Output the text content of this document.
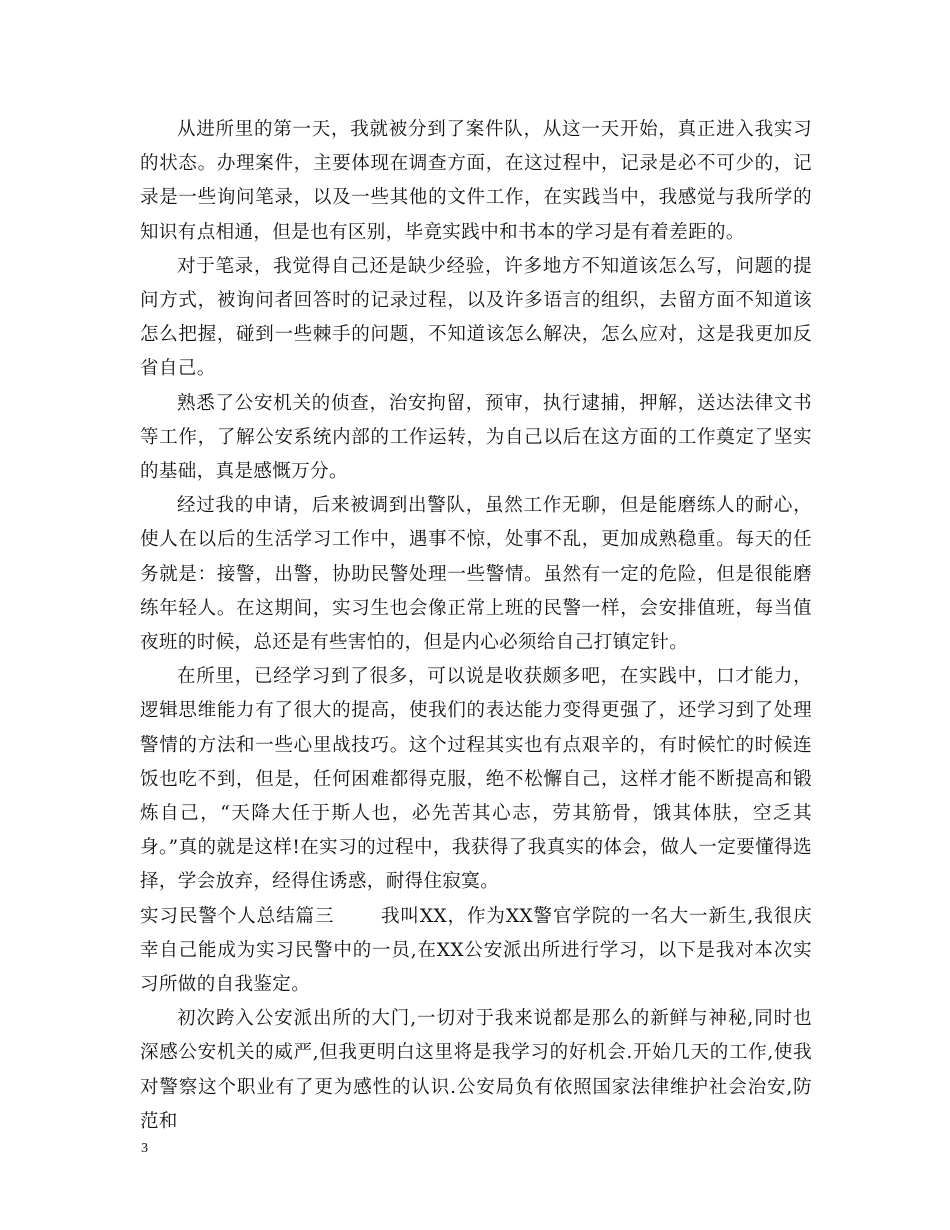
从进所里的第一天，我就被分到了案件队，从这一天开始，真正进入我实习的状态。办理案件，主要体现在调查方面，在这过程中，记录是必不可少的，记录是一些询问笔录，以及一些其他的文件工作，在实践当中，我感觉与我所学的知识有点相通，但是也有区别，毕竟实践中和书本的学习是有着差距的。

对于笔录，我觉得自己还是缺少经验，许多地方不知道该怎么写，问题的提问方式，被询问者回答时的记录过程，以及许多语言的组织，去留方面不知道该怎么把握，碰到一些棘手的问题，不知道该怎么解决，怎么应对，这是我更加反省自己。

熟悉了公安机关的侦查，治安拘留，预审，执行逮捕，押解，送达法律文书等工作，了解公安系统内部的工作运转，为自己以后在这方面的工作奠定了坚实的基础，真是感慨万分。

经过我的申请，后来被调到出警队，虽然工作无聊，但是能磨练人的耐心，使人在以后的生活学习工作中，遇事不惊，处事不乱，更加成熟稳重。每天的任务就是：接警，出警，协助民警处理一些警情。虽然有一定的危险，但是很能磨练年轻人。在这期间，实习生也会像正常上班的民警一样，会安排值班，每当值夜班的时候，总还是有些害怕的，但是内心必须给自己打镇定针。

在所里，已经学习到了很多，可以说是收获颇多吧，在实践中，口才能力，逻辑思维能力有了很大的提高，使我们的表达能力变得更强了，还学习到了处理警情的方法和一些心里战技巧。这个过程其实也有点艰辛的，有时候忙的时候连饭也吃不到，但是，任何困难都得克服，绝不松懈自己，这样才能不断提高和锻炼自己，“天降大任于斯人也，必先苦其心志，劳其筋骨，饿其体肤，空乏其身。”真的就是这样!在实习的过程中，我获得了我真实的体会，做人一定要懂得选择，学会放弃，经得住诱惑，耐得住寂寞。

实习民警个人总结篇三 我叫XX，作为XX警官学院的一名大一新生,我很庆幸自己能成为实习民警中的一员,在XX公安派出所进行学习，以下是我对本次实习所做的自我鉴定。

初次跨入公安派出所的大门,一切对于我来说都是那么的新鲜与神秘,同时也深感公安机关的威严,但我更明白这里将是我学习的好机会.开始几天的工作,使我对警察这个职业有了更为感性的认识.公安局负有依照国家法律维护社会治安,防范和

3
